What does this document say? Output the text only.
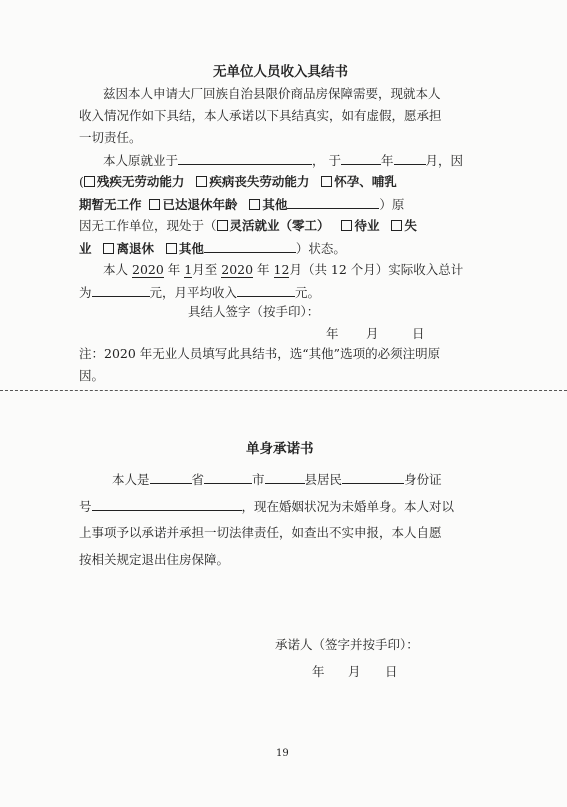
无单位人员收入具结书
兹因本人申请大厂回族自治县限价商品房保障需要，现就本人
收入情况作如下具结，本人承诺以下具结真实，如有虚假，愿承担
一切责任。
本人原就业于	， 于	年	月，因
( 残疾无劳动能力 疾病丧失劳动能力 怀孕、哺乳
期暂无工作 已达退休年龄 其他	）原
因无工作单位，现处于（ 灵活就业（零工） 待业 失
业 离退休 其他	）状态。
本人 2020 年 1月至 2020 年 12月（共 12 个月）实际收入总计
为	元，月平均收入	元。
具结人签字（按手印）：
年 月	日
注：2020 年无业人员填写此具结书，选“其他”选项的必须注明原
因。
单身承诺书
本人是	省	市	县居民	身份证
号	，现在婚姻状况为未婚单身。本人对以
上事项予以承诺并承担一切法律责任，如查出不实申报，本人自愿
按相关规定退出住房保障。
承诺人（签字并按手印）：
年 月 日
19
